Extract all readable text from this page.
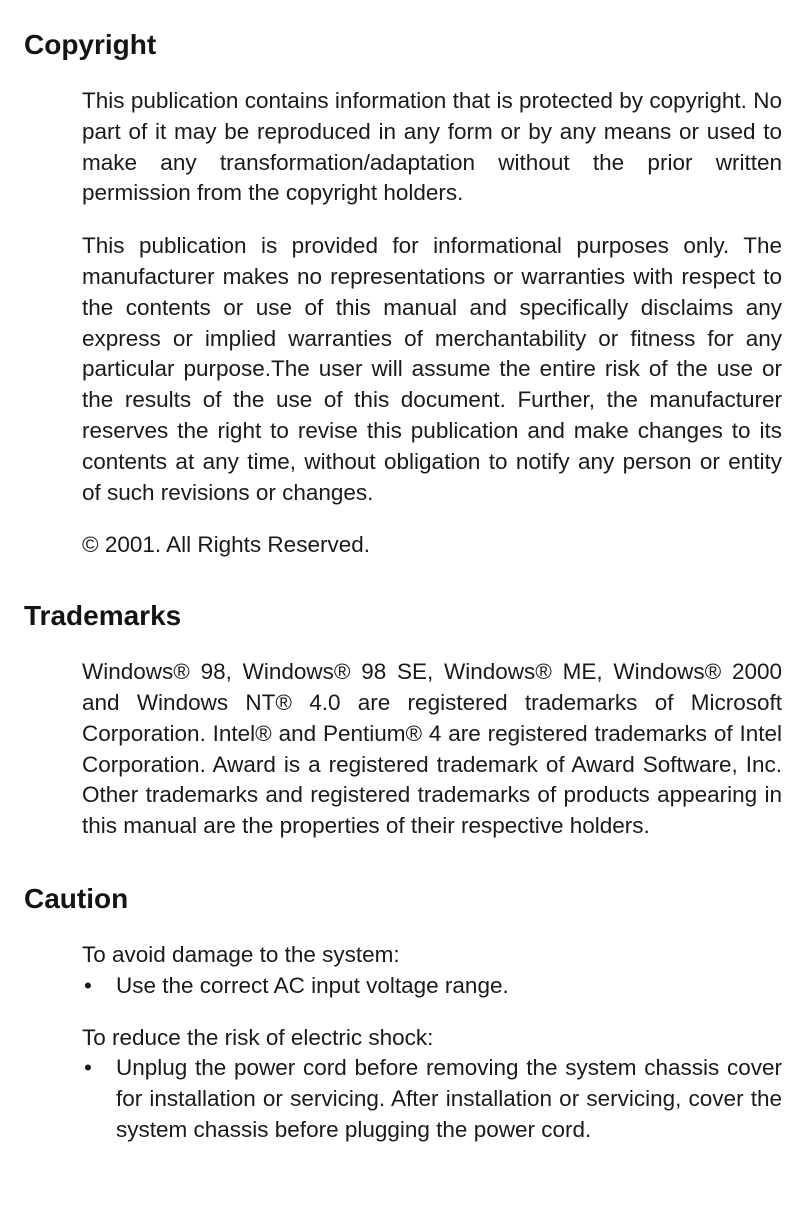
Copyright

This publication contains information that is protected by copyright. No part of it may be reproduced in any form or by any means or used to make any transformation/adaptation without the prior written permission from the copyright holders.

This publication is provided for informational purposes only. The manufacturer makes no representations or warranties with respect to the contents or use of this manual and specifically disclaims any express or implied warranties of merchantability or fitness for any particular purpose.The user will assume the entire risk of the use or the results of the use of this document. Further, the manufacturer reserves the right to revise this publication and make changes to its contents at any time, without obligation to notify any person or entity of such revisions or changes.

© 2001. All Rights Reserved.

Trademarks

Windows® 98, Windows® 98 SE, Windows® ME, Windows® 2000 and Windows NT® 4.0 are registered trademarks of Microsoft Corporation. Intel® and Pentium® 4 are registered trademarks of Intel Corporation. Award is a registered trademark of Award Software, Inc. Other trademarks and registered trademarks of products appearing in this manual are the properties of their respective holders.

Caution

To avoid damage to the system:

•	Use the correct AC input voltage range.

To reduce the risk of electric shock:

•	Unplug the power cord before removing the system chassis cover for installation or servicing. After installation or servicing, cover the system chassis before plugging the power cord.
